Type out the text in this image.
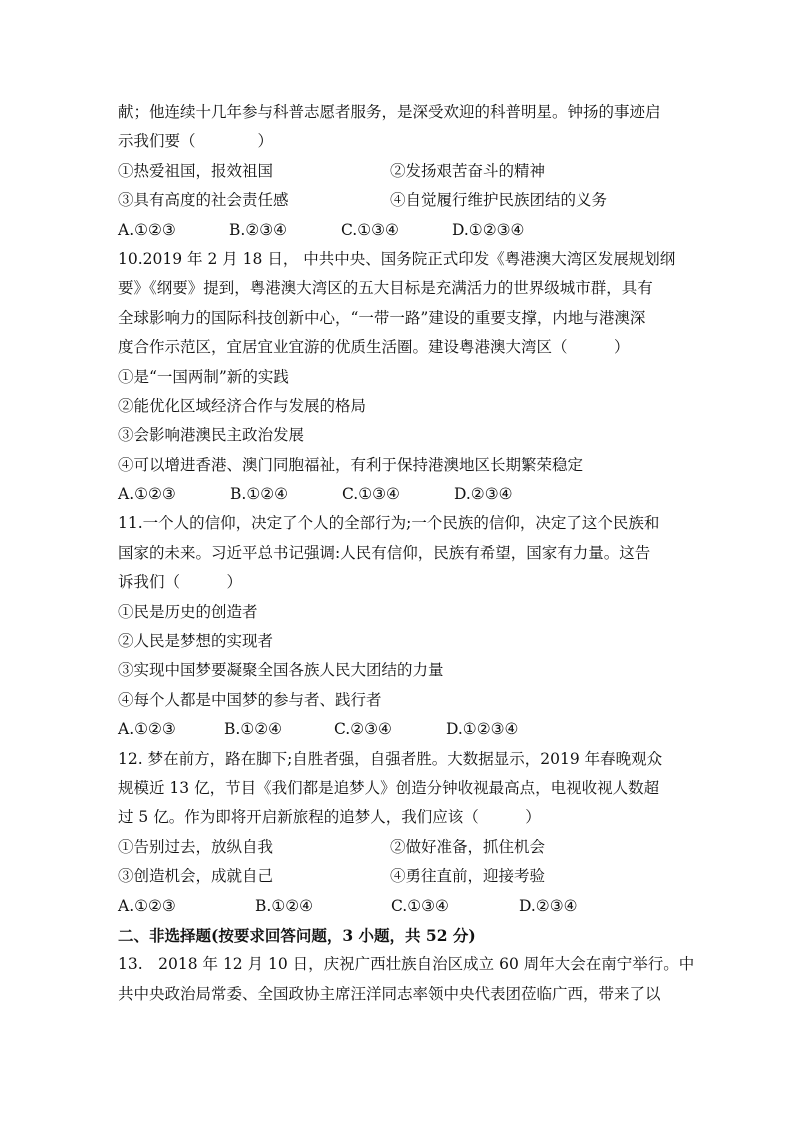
献；他连续十几年参与科普志愿者服务，是深受欢迎的科普明星。钟扬的事迹启
示我们要（　　　　）
①热爱祖国，报效祖国	②发扬艰苦奋斗的精神
③具有高度的社会责任感	④自觉履行维护民族团结的义务
A.①②③	B.②③④	C.①③④	D.①②③④
10.2019 年 2 月 18 日， 中共中央、国务院正式印发《粤港澳大湾区发展规划纲
要》《纲要》提到，粤港澳大湾区的五大目标是充满活力的世界级城市群，具有
全球影响力的国际科技创新中心，“一带一路”建设的重要支撑，内地与港澳深
度合作示范区，宜居宜业宜游的优质生活圈。建设粤港澳大湾区（　　　）
①是“一国两制”新的实践
②能优化区域经济合作与发展的格局
③会影响港澳民主政治发展
④可以增进香港、澳门同胞福祉，有利于保持港澳地区长期繁荣稳定
A.①②③	B.①②④	C.①③④	D.②③④
11.一个人的信仰，决定了个人的全部行为;一个民族的信仰，决定了这个民族和
国家的未来。习近平总书记强调:人民有信仰，民族有希望，国家有力量。这告
诉我们（　　　）
①民是历史的创造者
②人民是梦想的实现者
③实现中国梦要凝聚全国各族人民大团结的力量
④每个人都是中国梦的参与者、践行者
A.①②③	B.①②④	C.②③④	D.①②③④
12. 梦在前方，路在脚下;自胜者强，自强者胜。大数据显示，2019 年春晚观众
规模近 13 亿，节目《我们都是追梦人》创造分钟收视最高点，电视收视人数超
过 5 亿。作为即将开启新旅程的追梦人，我们应该（　　　）
①告别过去，放纵自我	②做好准备，抓住机会
③创造机会，成就自己	④勇往直前，迎接考验
A.①②③	B.①②④	C.①③④	D.②③④
二、非选择题(按要求回答问题，3 小题，共 52 分)
13.　2018 年 12 月 10 日，庆祝广西壮族自治区成立 60 周年大会在南宁举行。中
共中央政治局常委、全国政协主席汪洋同志率领中央代表团莅临广西，带来了以
